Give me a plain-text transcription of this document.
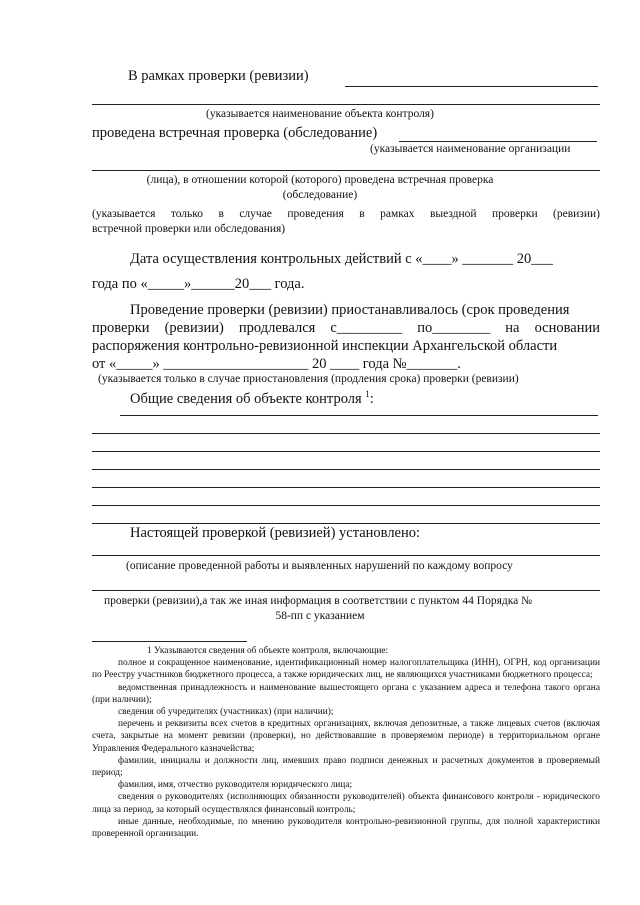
В рамках проверки (ревизии)
(указывается наименование объекта контроля)
проведена встречная проверка (обследование)
(указывается наименование организации
(лица), в отношении которой (которого) проведена встречная проверка
(обследование)
(указывается только в случае проведения в рамках выездной проверки (ревизии)
встречной проверки или обследования)
Дата осуществления контрольных действий с «____» _______ 20___
года по «_____»______20___ года.
Проведение проверки (ревизии) приостанавливалось (срок проведения
проверки (ревизии) продлевался с_________ по________ на основании
распоряжения контрольно-ревизионной инспекции Архангельской области
от «_____» ____________________ 20 ____ года №_______.
(указывается только в случае приостановления (продления срока) проверки (ревизии)
Общие сведения об объекте контроля $^1$:
Настоящей проверкой (ревизией) установлено:
(описание проведенной работы и выявленных нарушений по каждому вопросу
проверки (ревизии),а так же иная информация в соответствии с пунктом 44 Порядка №
58-пп с указанием

1 Указываются сведения об объекте контроля, включающие:

полное и сокращенное наименование, идентификационный номер налогоплательщика (ИНН), ОГРН, код организации по Реестру участников бюджетного процесса, а также юридических лиц, не являющихся участниками бюджетного процесса;

ведомственная принадлежность и наименование вышестоящего органа с указанием адреса и телефона такого органа (при наличии);

сведения об учредителях (участниках) (при наличии);

перечень и реквизиты всех счетов в кредитных организациях, включая депозитные, а также лицевых счетов (включая счета, закрытые на момент ревизии (проверки), но действовавшие в проверяемом периоде) в территориальном органе Управления Федерального казначейства;

фамилии, инициалы и должности лиц, имевших право подписи денежных и расчетных документов в проверяемый период;

фамилия, имя, отчество руководителя юридического лица;

сведения о руководителях (исполняющих обязанности руководителей) объекта финансового контроля - юридического лица за период, за который осуществлялся финансовый контроль;

иные данные, необходимые, по мнению руководителя контрольно-ревизионной группы, для полной характеристики проверенной организации.
